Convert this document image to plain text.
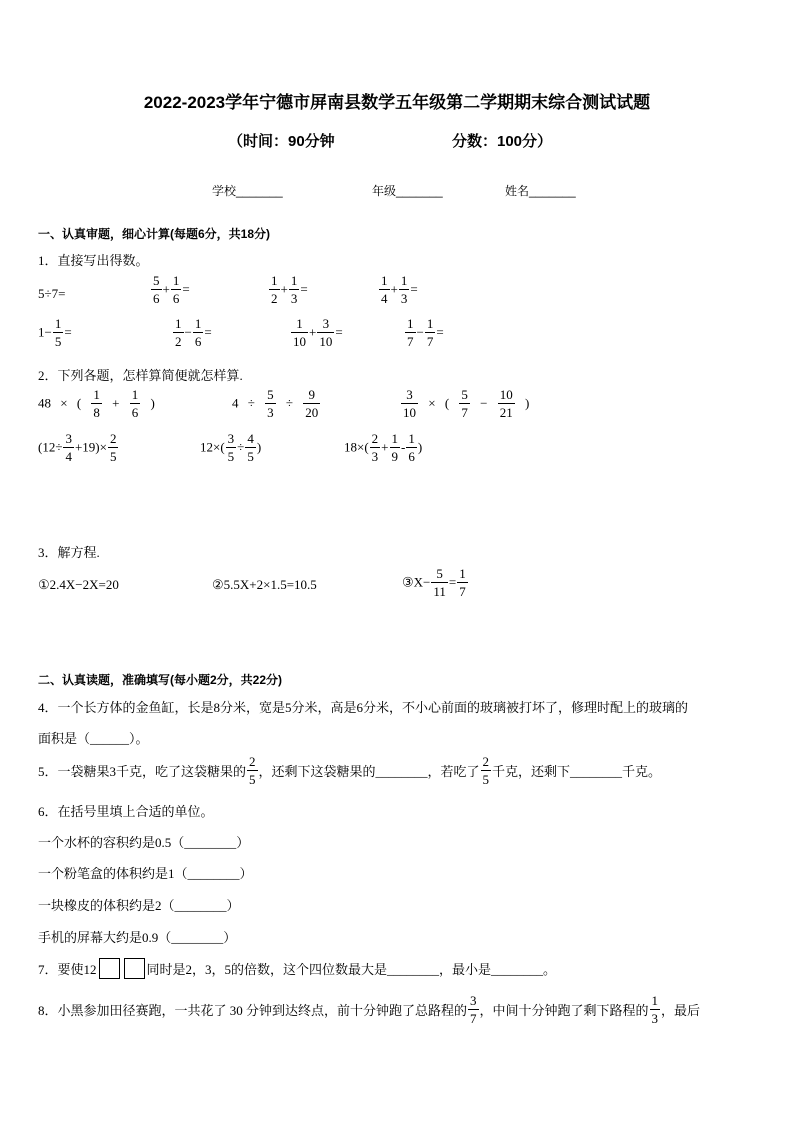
2022-2023学年宁德市屏南县数学五年级第二学期期末综合测试试题
（时间：90分钟	分数：100分）
学校_______	年级_______	姓名_______
一、认真审题，细心计算(每题6分，共18分)
1．直接写出得数。
5÷7=	$\frac{5}{6} + \frac{1}{6}$ =	$\frac{1}{2} + \frac{1}{3}$ =	$\frac{1}{4} + \frac{1}{3}$ =
$1- \frac{1}{5}$ =	$\frac{1}{2} - \frac{1}{6}$ =	$\frac{1}{10} + \frac{3}{10}$ =	$\frac{1}{7} - \frac{1}{7}$ =
2．下列各题，怎样算简便就怎样算.
48 × ( $\frac{1}{8} + \frac{1}{6}$ )	$4 \div \frac{5}{3} \div \frac{9}{20}$	$\frac{3}{10}$ × ( $\frac{5}{7} - \frac{10}{21}$ )
$(12\div \frac{3}{4} +19)\times \frac{2}{5}$	$12\times( \frac{3}{5} \div \frac{4}{5}$ )	$18\times( \frac{2}{3} + \frac{1}{9} - \frac{1}{6}$ )
3．解方程.
①2.4X−2X=20	②5.5X+2×1.5=10.5	③X− $\frac{5}{11} = \frac{1}{7}$
二、认真读题，准确填写(每小题2分，共22分)
4．一个长方体的金鱼缸，长是8分米，宽是5分米，高是6分米，不小心前面的玻璃被打坏了，修理时配上的玻璃的
面积是（______）。
5．一袋糖果3千克，吃了这袋糖果的 $\frac{2}{5}$ ，还剩下这袋糖果的________，若吃了 $\frac{2}{5}$ 千克，还剩下________千克。
6．在括号里填上合适的单位。
一个水杯的容积约是0.5（________）
一个粉笔盒的体积约是1（________）
一块橡皮的体积约是2（________）
手机的屏幕大约是0.9（________）
7．要使12	同时是2，3，5的倍数，这个四位数最大是________，最小是________。
8．小黑参加田径赛跑，一共花了 30 分钟到达终点，前十分钟跑了总路程的 $\frac{3}{7}$ ，中间十分钟跑了剩下路程的 $\frac{1}{3}$ ，最后
